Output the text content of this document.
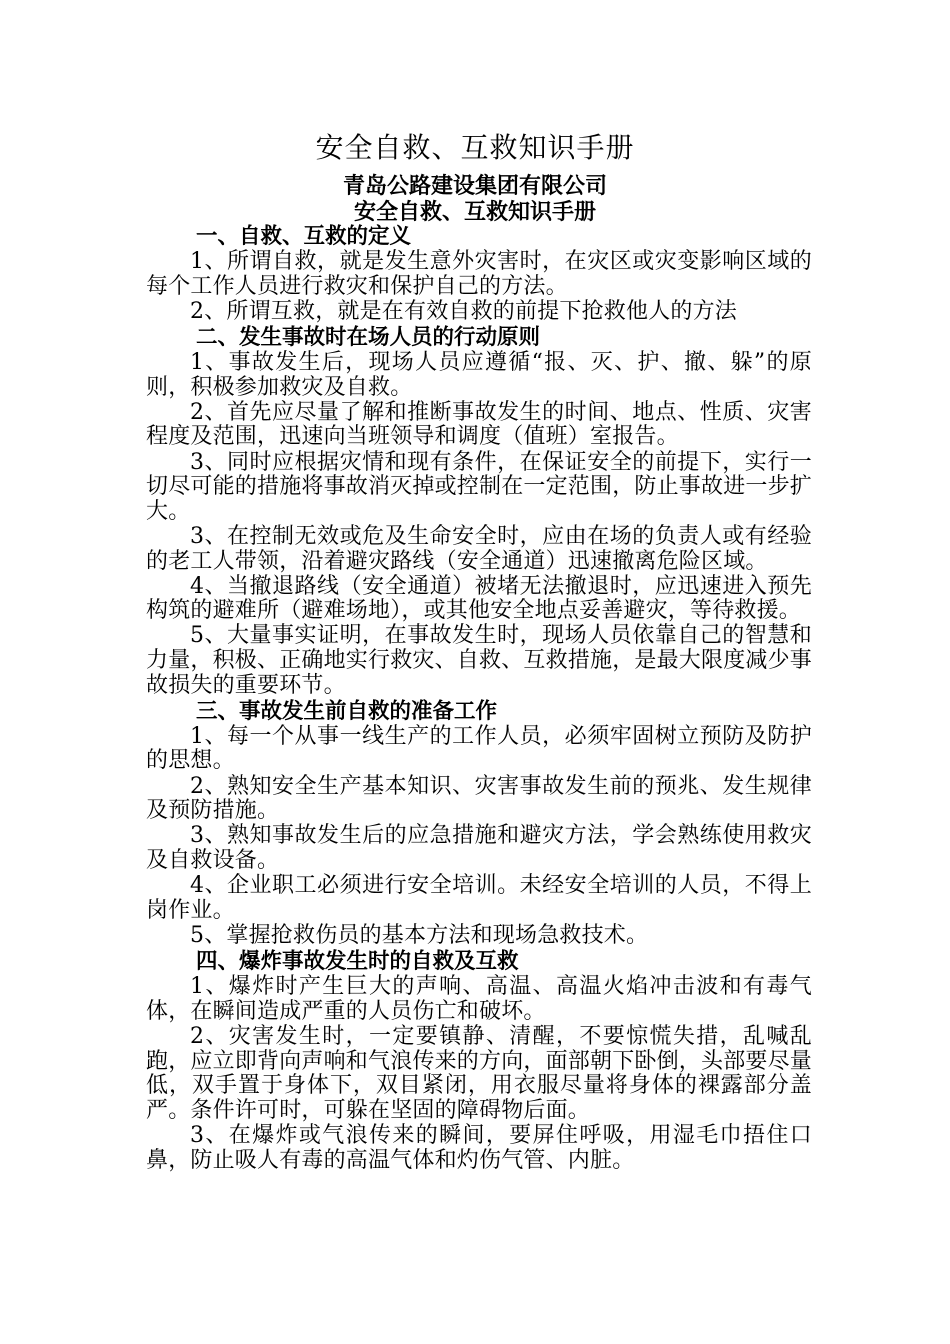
安全自救、互救知识手册
青岛公路建设集团有限公司
安全自救、互救知识手册
一、自救、互救的定义

1、所谓自救，就是发生意外灾害时，在灾区或灾变影响区域的每个工作人员进行救灾和保护自己的方法。

2、所谓互救，就是在有效自救的前提下抢救他人的方法

二、发生事故时在场人员的行动原则

1、事故发生后，现场人员应遵循“报、灭、护、撤、躲”的原则，积极参加救灾及自救。

2、首先应尽量了解和推断事故发生的时间、地点、性质、灾害程度及范围，迅速向当班领导和调度（值班）室报告。

3、同时应根据灾情和现有条件，在保证安全的前提下，实行一切尽可能的措施将事故消灭掉或控制在一定范围，防止事故进一步扩大。

3、在控制无效或危及生命安全时，应由在场的负责人或有经验的老工人带领，沿着避灾路线（安全通道）迅速撤离危险区域。

4、当撤退路线（安全通道）被堵无法撤退时，应迅速进入预先构筑的避难所（避难场地），或其他安全地点妥善避灾，等待救援。

5、大量事实证明，在事故发生时，现场人员依靠自己的智慧和力量，积极、正确地实行救灾、自救、互救措施，是最大限度减少事故损失的重要环节。

三、事故发生前自救的准备工作

1、每一个从事一线生产的工作人员，必须牢固树立预防及防护的思想。

2、熟知安全生产基本知识、灾害事故发生前的预兆、发生规律及预防措施。

3、熟知事故发生后的应急措施和避灾方法，学会熟练使用救灾及自救设备。

4、企业职工必须进行安全培训。未经安全培训的人员，不得上岗作业。

5、掌握抢救伤员的基本方法和现场急救技术。

四、爆炸事故发生时的自救及互救

1、爆炸时产生巨大的声响、高温、高温火焰冲击波和有毒气体，在瞬间造成严重的人员伤亡和破坏。

2、灾害发生时，一定要镇静、清醒，不要惊慌失措，乱喊乱跑，应立即背向声响和气浪传来的方向，面部朝下卧倒，头部要尽量低，双手置于身体下，双目紧闭，用衣服尽量将身体的裸露部分盖严。条件许可时，可躲在坚固的障碍物后面。

3、在爆炸或气浪传来的瞬间，要屏住呼吸，用湿毛巾捂住口鼻，防止吸人有毒的高温气体和灼伤气管、内脏。
